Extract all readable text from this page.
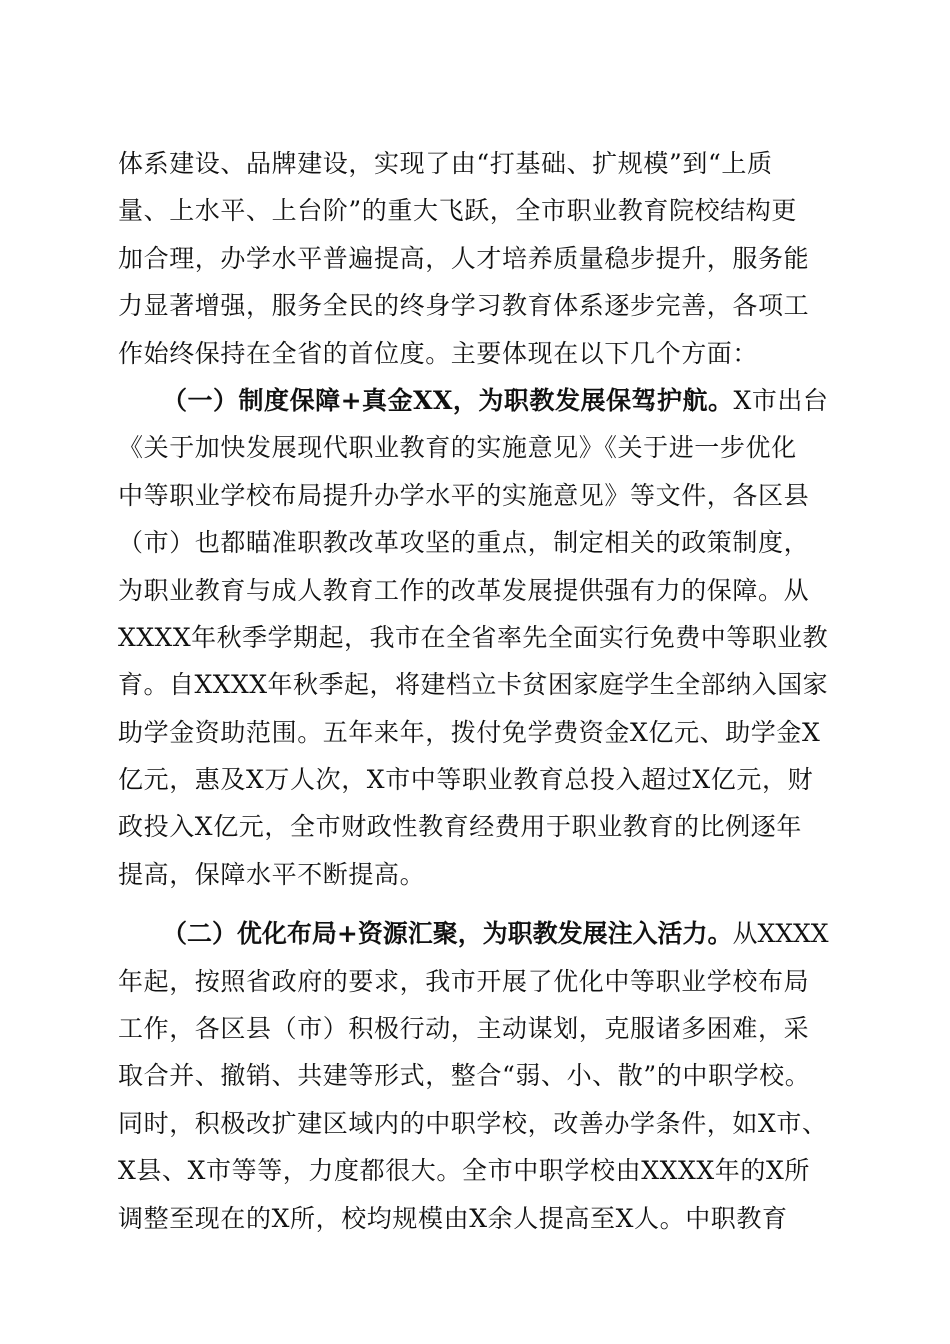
体系建设、品牌建设，实现了由“打基础、扩规模”到“上质
量、上水平、上台阶”的重大飞跃，全市职业教育院校结构更
加合理，办学水平普遍提高，人才培养质量稳步提升，服务能
力显著增强，服务全民的终身学习教育体系逐步完善，各项工
作始终保持在全省的首位度。主要体现在以下几个方面：
（一）制度保障+真金XX，为职教发展保驾护航。X市出台
《关于加快发展现代职业教育的实施意见》《关于进一步优化
中等职业学校布局提升办学水平的实施意见》等文件，各区县
（市）也都瞄准职教改革攻坚的重点，制定相关的政策制度，
为职业教育与成人教育工作的改革发展提供强有力的保障。从
XXXX年秋季学期起，我市在全省率先全面实行免费中等职业教
育。自XXXX年秋季起，将建档立卡贫困家庭学生全部纳入国家
助学金资助范围。五年来年，拨付免学费资金X亿元、助学金X
亿元，惠及X万人次，X市中等职业教育总投入超过X亿元，财
政投入X亿元，全市财政性教育经费用于职业教育的比例逐年
提高，保障水平不断提高。
（二）优化布局+资源汇聚，为职教发展注入活力。从XXXX
年起，按照省政府的要求，我市开展了优化中等职业学校布局
工作，各区县（市）积极行动，主动谋划，克服诸多困难，采
取合并、撤销、共建等形式，整合“弱、小、散”的中职学校。
同时，积极改扩建区域内的中职学校，改善办学条件，如X市、
X县、X市等等，力度都很大。全市中职学校由XXXX年的X所
调整至现在的X所，校均规模由X余人提高至X人。中职教育
